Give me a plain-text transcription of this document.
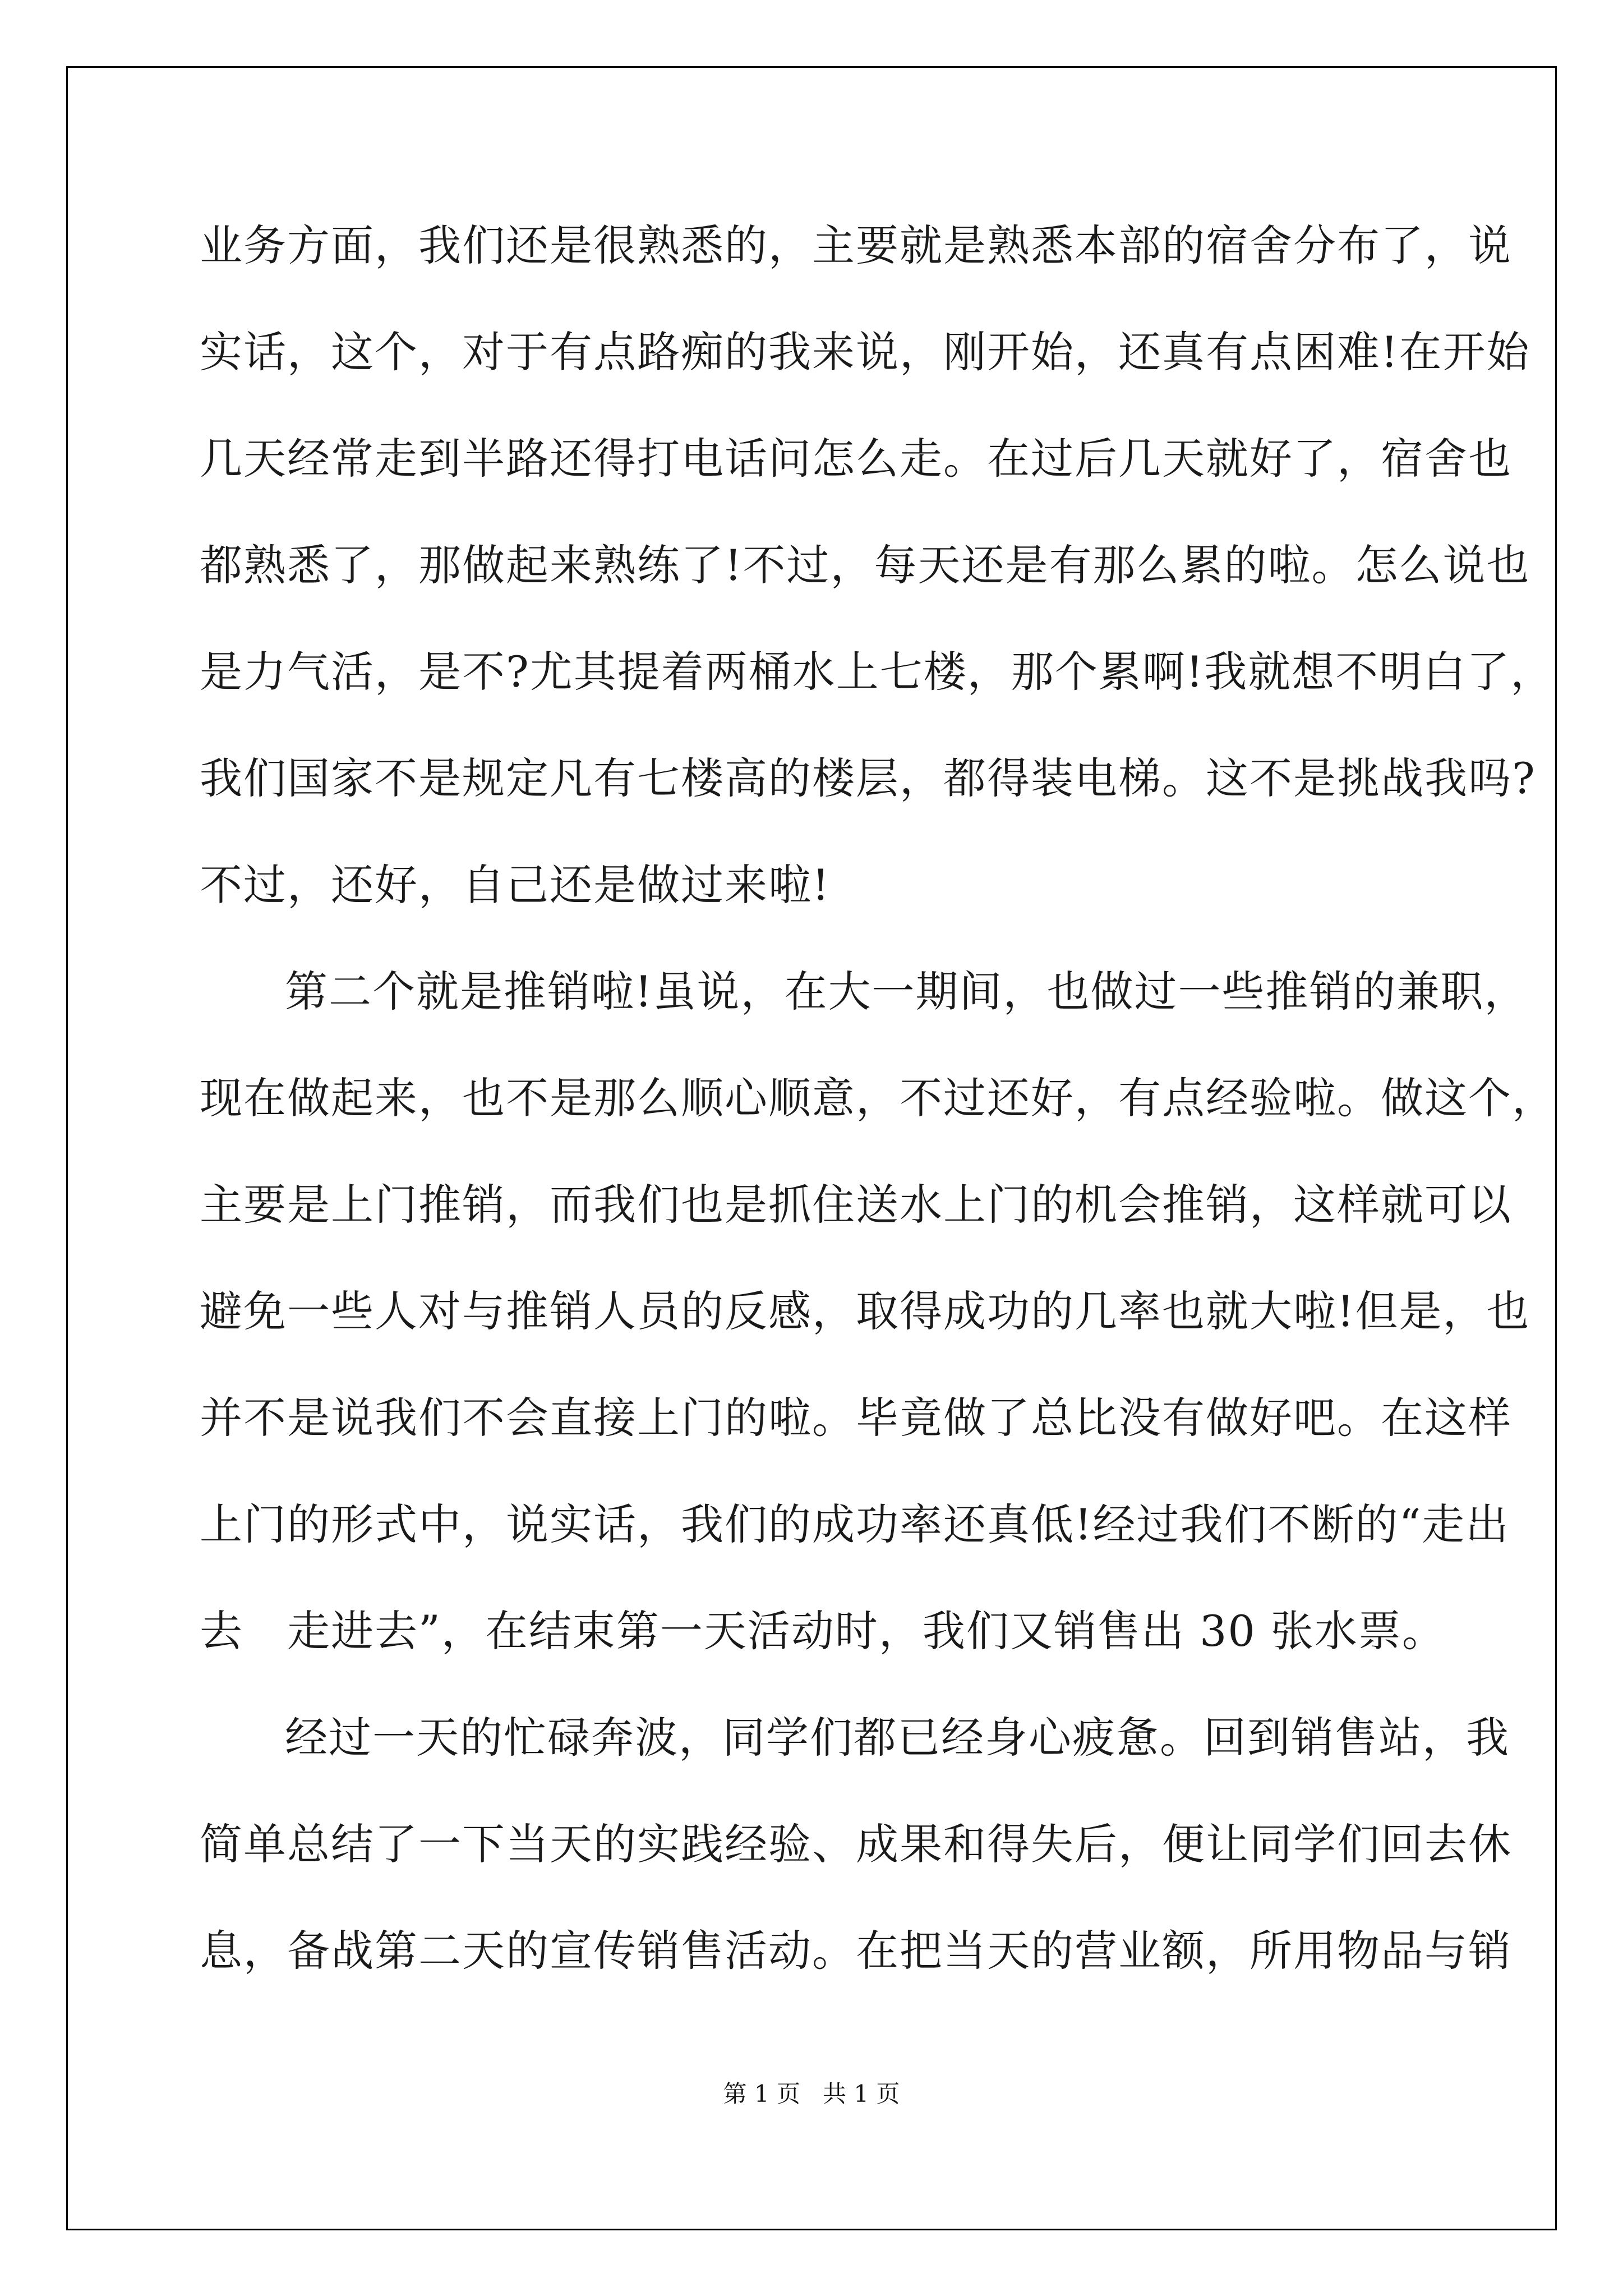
业务方面，我们还是很熟悉的，主要就是熟悉本部的宿舍分布了，说
实话，这个，对于有点路痴的我来说，刚开始，还真有点困难!在开始
几天经常走到半路还得打电话问怎么走。在过后几天就好了，宿舍也
都熟悉了，那做起来熟练了!不过，每天还是有那么累的啦。怎么说也
是力气活，是不?尤其提着两桶水上七楼，那个累啊!我就想不明白了，
我们国家不是规定凡有七楼高的楼层，都得装电梯。这不是挑战我吗?
不过，还好，自己还是做过来啦!
第二个就是推销啦!虽说，在大一期间，也做过一些推销的兼职，
现在做起来，也不是那么顺心顺意，不过还好，有点经验啦。做这个，
主要是上门推销，而我们也是抓住送水上门的机会推销，这样就可以
避免一些人对与推销人员的反感，取得成功的几率也就大啦!但是，也
并不是说我们不会直接上门的啦。毕竟做了总比没有做好吧。在这样
上门的形式中，说实话，我们的成功率还真低!经过我们不断的“走出
去　走进去”，在结束第一天活动时，我们又销售出 30 张水票。
经过一天的忙碌奔波，同学们都已经身心疲惫。回到销售站，我
简单总结了一下当天的实践经验、成果和得失后，便让同学们回去休
息，备战第二天的宣传销售活动。在把当天的营业额，所用物品与销
第 1 页 共 1 页
